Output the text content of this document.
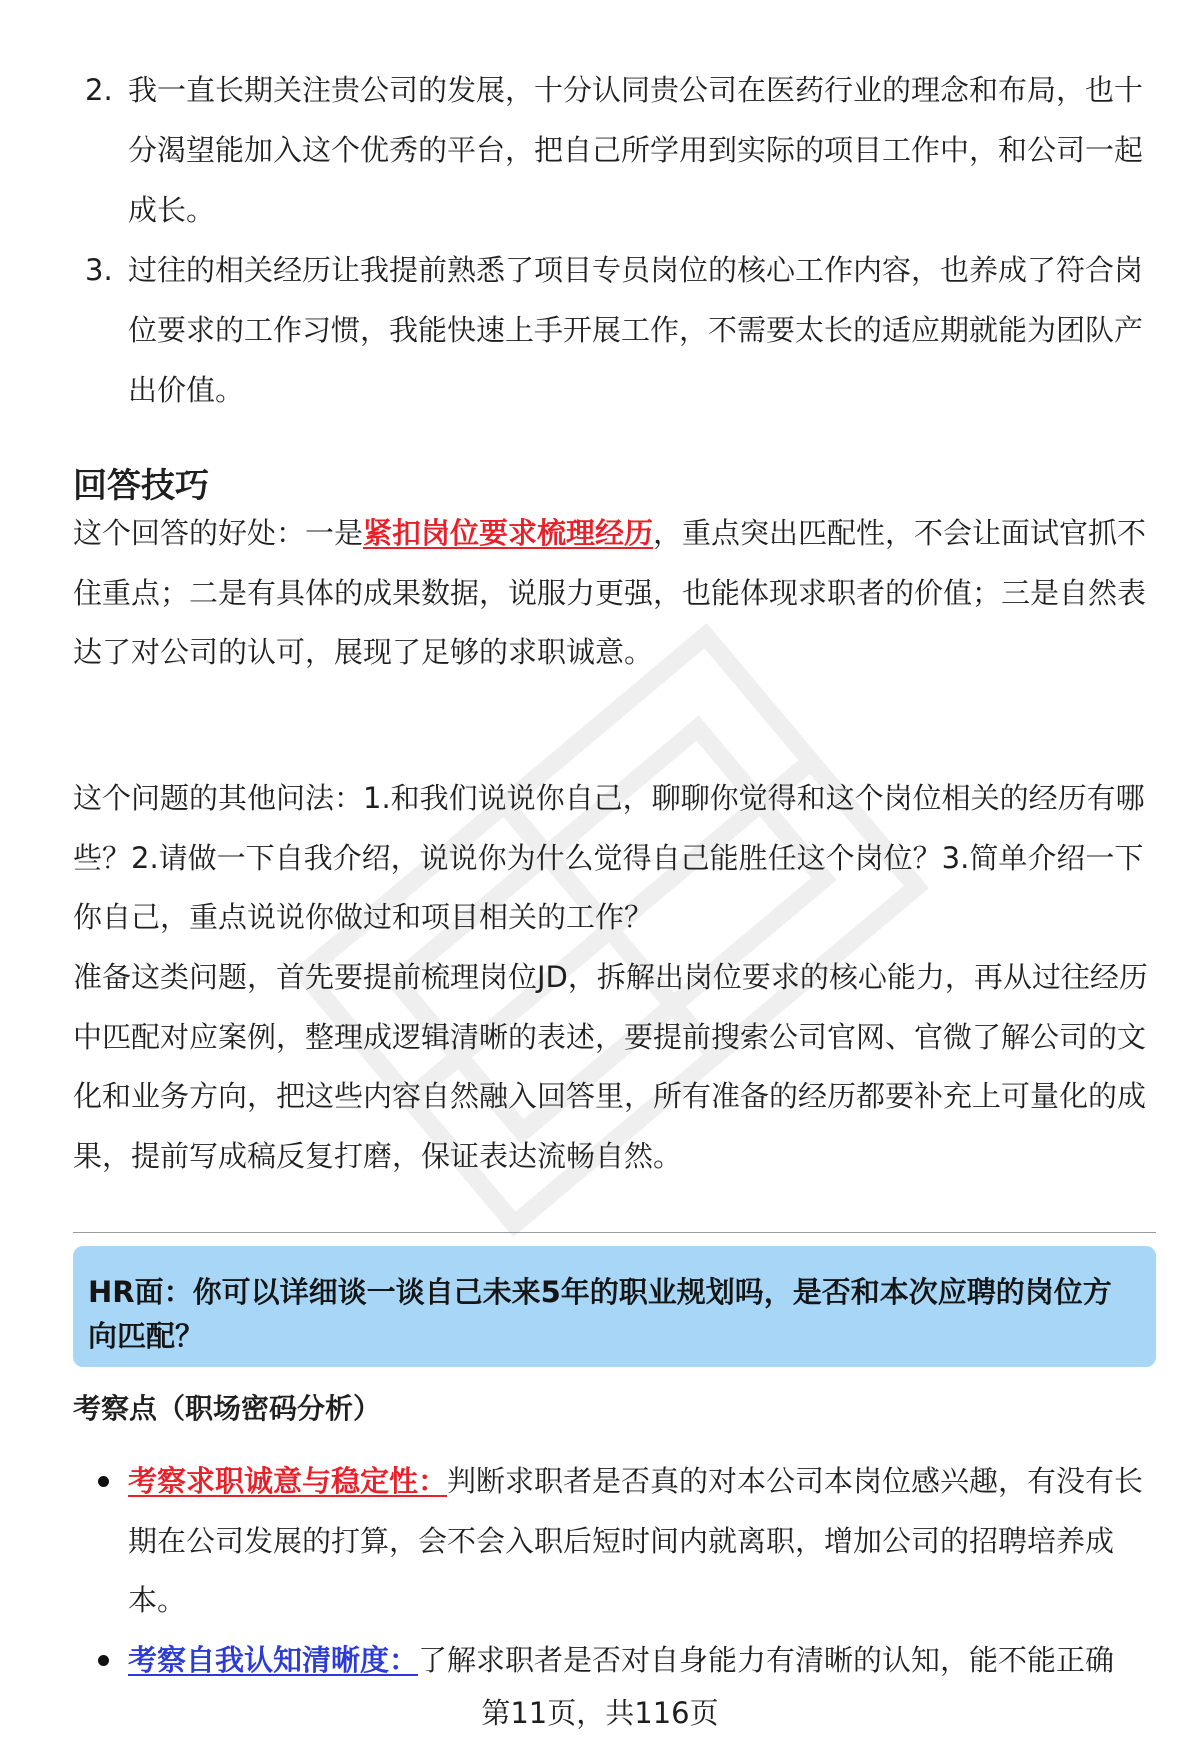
2. 我一直长期关注贵公司的发展，十分认同贵公司在医药行业的理念和布局，也十分渴望能加入这个优秀的平台，把自己所学用到实际的项目工作中，和公司一起成长。
3. 过往的相关经历让我提前熟悉了项目专员岗位的核心工作内容，也养成了符合岗位要求的工作习惯，我能快速上手开展工作，不需要太长的适应期就能为团队产出价值。
回答技巧

这个回答的好处：一是紧扣岗位要求梳理经历，重点突出匹配性，不会让面试官抓不住重点；二是有具体的成果数据，说服力更强，也能体现求职者的价值；三是自然表达了对公司的认可，展现了足够的求职诚意。

这个问题的其他问法：1.和我们说说你自己，聊聊你觉得和这个岗位相关的经历有哪些？2.请做一下自我介绍，说说你为什么觉得自己能胜任这个岗位？3.简单介绍一下你自己，重点说说你做过和项目相关的工作？

准备这类问题，首先要提前梳理岗位JD，拆解出岗位要求的核心能力，再从过往经历中匹配对应案例，整理成逻辑清晰的表述，要提前搜索公司官网、官微了解公司的文化和业务方向，把这些内容自然融入回答里，所有准备的经历都要补充上可量化的成果，提前写成稿反复打磨，保证表达流畅自然。

HR面：你可以详细谈一谈自己未来5年的职业规划吗，是否和本次应聘的岗位方向匹配？
考察点（职场密码分析）
考察求职诚意与稳定性：判断求职者是否真的对本公司本岗位感兴趣，有没有长期在公司发展的打算，会不会入职后短时间内就离职，增加公司的招聘培养成本。
考察自我认知清晰度：了解求职者是否对自身能力有清晰的认知，能不能正确
第11页，共116页
